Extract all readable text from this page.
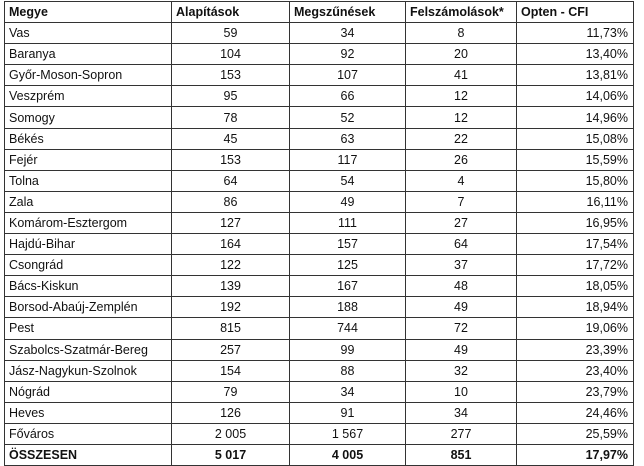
Megye	Alapítások	Megszűnések	Felszámolások*	Opten - CFI
Vas	59	34	8	11,73%
Baranya	104	92	20	13,40%
Győr-Moson-Sopron	153	107	41	13,81%
Veszprém	95	66	12	14,06%
Somogy	78	52	12	14,96%
Békés	45	63	22	15,08%
Fejér	153	117	26	15,59%
Tolna	64	54	4	15,80%
Zala	86	49	7	16,11%
Komárom-Esztergom	127	111	27	16,95%
Hajdú-Bihar	164	157	64	17,54%
Csongrád	122	125	37	17,72%
Bács-Kiskun	139	167	48	18,05%
Borsod-Abaúj-Zemplén	192	188	49	18,94%
Pest	815	744	72	19,06%
Szabolcs-Szatmár-Bereg	257	99	49	23,39%
Jász-Nagykun-Szolnok	154	88	32	23,40%
Nógrád	79	34	10	23,79%
Heves	126	91	34	24,46%
Főváros	2 005	1 567	277	25,59%
ÖSSZESEN	5 017	4 005	851	17,97%
